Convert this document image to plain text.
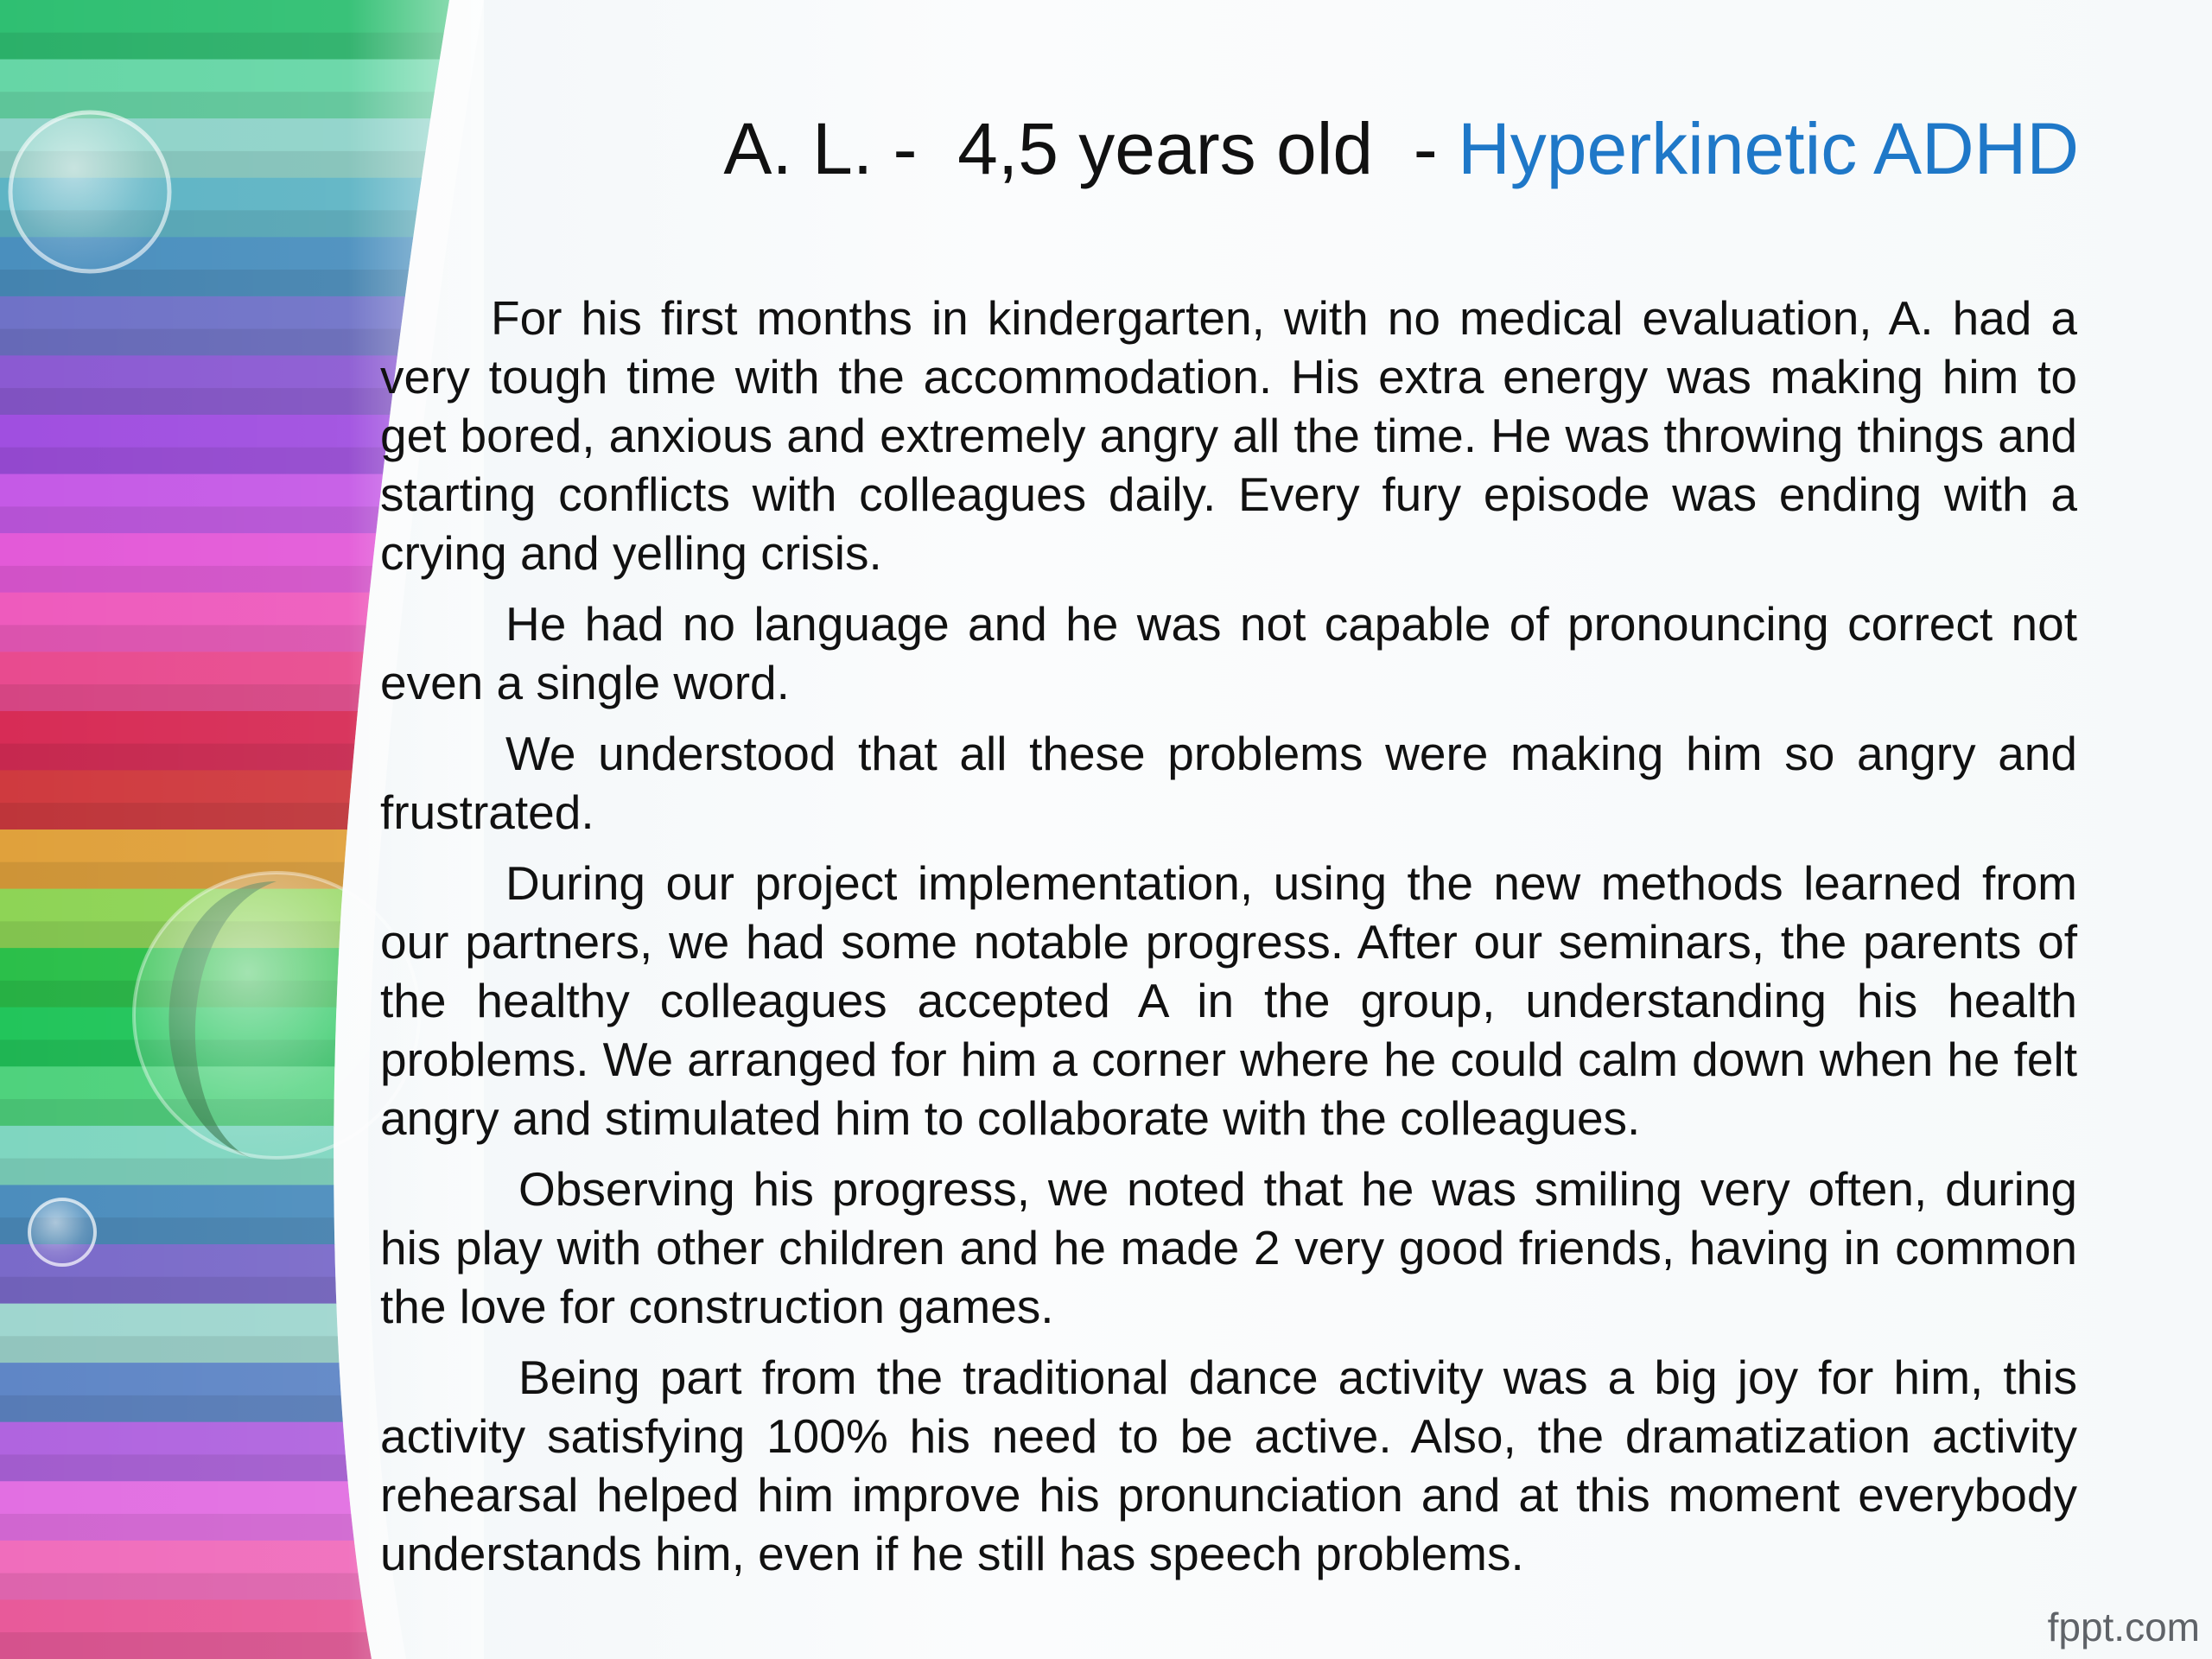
A. L. -  4,5 years old  - Hyperkinetic ADHD

For his first months in kindergarten, with no medical evaluation, A. had a very tough time with the accommodation. His extra energy was making him to get bored, anxious and extremely angry all the time. He was throwing things and starting conflicts with colleagues daily. Every fury episode was ending with a crying and yelling crisis.

He had no language and he was not capable of pronouncing correct not even a single word.

We understood that all these problems were making him so angry and frustrated.

During our project implementation, using the new methods learned from our partners, we had some notable progress. After our seminars, the parents of the healthy colleagues accepted A in the group, understanding his health problems. We arranged for him a corner where he could calm down when he felt angry and stimulated him to collaborate with the colleagues.

Observing his progress, we noted that he was smiling very often, during his play with other children and he made 2 very good friends, having in common the love for construction games.

Being part from the traditional dance activity was a big joy for him, this activity satisfying 100% his need to be active. Also, the dramatization activity rehearsal helped him improve his pronunciation and at this moment everybody understands him, even if he still has speech problems.

fppt.com
